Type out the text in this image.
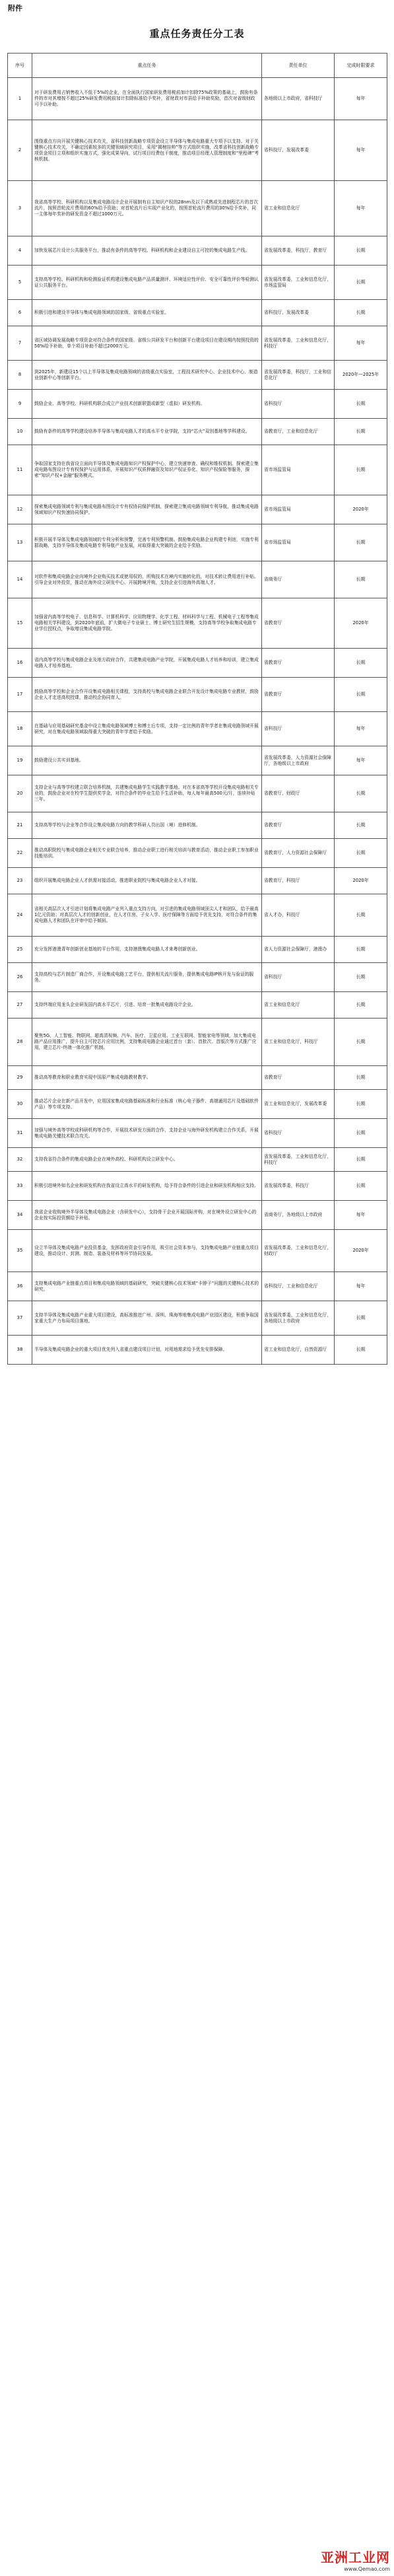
附件
重点任务责任分工表
序号	重点任务	责任单位	完成时限要求
1	对于研发费用占销售收入不低于5%的企业，在全面执行国家研发费用税前加计扣除75%政策的基础上，鼓励有条件的市对其增按不超过25%研发费用税前加计扣除标准给予奖补，省财政对市县给予补助奖励，首次对省级财政可予以补助。	各地级以上市政府，省科技厅	每年
2	围绕重点方向开展关键核心技术攻关，省科技创新战略专项资金设立半导体与集成电路重大专项予以支持。对于关键核心技术攻关，不确定因素较多的关键领域研究项目，采用“揭榜挂帅”等方式组织实施，改革省科技创新战略专项资金项目立项和组织实施方式，强化成果导向，试行项目经费包干制度，推动项目经理人管理制度和“里程碑”考核机制。	省科技厅，发展改革委	每年
3	我省高等学校、科研机构以及集成电路设计企业开展制有自主知识产权的28nm及以下成熟或先进制程芯片的首次流片，按照首轮流片费用的60%给予资助；对首轮流片后实现产业化的，按照首轮流片费用的30%给予奖补，同一主体每年奖补的研发资金不超过1000万元。	省工业和信息化厅	每年
4	加快发展芯片设计公共服务平台，推动有条件的高等学校、科研机构和企业建设自主可控的集成电路生产线。	省发展改革委，科技厅，教育厅	长期
5	支持高等学校、科研机构和检测验证机构建设集成电路产品质量测评、环境适应性评价、安全可靠性评价等检测认证公共服务平台。	省发展改革委，工业和信息化厅，市场监管局	长期
6	积极引进和建设半导体与集成电路领域的国家级、省级重点实验室。	省科技厅，发展改革委	长期
7	省区域协调发展战略专项资金对符合条件的国家级、省级公共研发平台和创新平台建设项目在建设期内按照投资的50%给予补助，单个项目补助不超过2000万元。	省发展改革委，工业和信息化厅，科技厅	每年
8	到2025年，新建设15个以上半导体及集成电路领域的省级重点实验室，工程技术研究中心、企业技术中心、制造业创新中心等创新平台。	省发展改革委，科技厅，工业和信息化厅	2020年—2025年
9	鼓励企业、高等学校、科研机构联合成立产业技术创新联盟或新型（虚拟）研发机构。	省科技厅	长期
10	鼓励有条件的高等学校建设培养半导体与集成电路人才的高水平专业学院，支持“芯火”双创基地等学科建设。	省教育厅，工业和信息化厅	长期
11	争取国家支持在我省设立面向半导体及集成电路知识产权保护中心，建立快速审查、确权和维权机制。探索建立集成电路布图设计专有权保护与运用体系，开展知识产权质押融资及知识产权证券化、知识产权保险等服务，探索“知识产权+金融”服务模式。	省市场监管局	长期
12	探索集成电路领域专利与集成电路布图设计专有权协同保护机制，探索建立集成电路领域专利导航，推动集成电路领域知识产权快速协同保护。	省市场监管局	2020年
13	积极开展半导体及集成电路领域的专利分析和预警，完善专利预警机制。鼓励集成电路企业构建专利池，实施专利群战略，支持半导体及集成电路专利导航产业发展，对取得重大突破的企业给予奖励。	省市场监管局	长期
14	对软件和集成电路企业向境外企业购买技术或使用权的，所购技术在境内实施转化的，对技术转让费用进行补贴。引导企业对外投资，推动在海外设立研发中心、开展跨境并购，支持企业引进海外高端人才。	省商务厅	长期
15	加强省内高等学校电子、信息科学、计算机科学、应用物理学、化学工程、材料科学与工程、机械电子工程等集成电路相关学科建设，到2020年底前，扩大微电子专业硕士、博士研究生招生规模，支持高等学校争取集成电路专业学位授权点，争取增设集成电路学院。	省教育厅	2020年
16	省内高等学校与集成电路企业及地方政府合作，共建集成电路产业学院，开展集成电路人才培养和培训，建立集成电路人才培养基地。	省教育厅	长期
17	鼓励高等学校和企业合作开设集成电路相关课程，支持高校与集成电路企业联合开发设计集成电路专业教材，鼓励企业人才走进高校授课，推动校企协同育人。	省教育厅	长期
18	在基础与应用基础研究基金中设立集成电路领域博士和博士后专项，支持一定比例的青年学者在集成电路领域开展研究，对在集成电路领域取得重大突破的青年学者给予奖励。	省科技厅	每年
19	鼓励建设公共实训基地。	省发展改革委，人力资源社会保障厅，各地级以上市政府	每年
20	支持企业与高等学校建立联合培养机制，共建集成电路学生实践教学基地。对在本省高等学校开设集成电路相关专业的，鼓励企业对在校学生提供奖学金，对符合条件的毕业生给予生活补助，每人每年最高500元/月，连续补贴三年。	省教育厅，财政厅	长期
21	支持高等学校与企业等合作设立集成电路方向的教学科研人员出国（境）进修机制。	省教育厅	长期
22	推动高职院校与集成电路企业相关专业联合培养，推动企业职工进行相关培训与教育活动，推动企业职工参加职业技能培训。	省教育厅，人力资源社会保障厅	长期
23	组织开展集成电路企业人才供需对接活动，推进职业院校与集成电路企业人才对接。	省教育厅，科技厅	2020年
24	省相关高层次人才引进计划将集成电路产业列入重点支持方向，对引进的集成电路领域顶尖人才和团队，给予最高1亿元资助；对高层次人才的创新创业，在人才住房、子女入学、医疗保障等方面给予优先支持，对符合条件的集成电路人才和团队在评审中给予倾斜。	省人才办，科技厅	长期
25	充分发挥港澳青年创新创业基地的平台作用，支持港澳集成电路人才来粤创新创业。	省人力资源社会保障厅，港澳办	长期
26	支持高校与芯片制造厂商合作，开设集成电路工艺平台，提供相关流片服务，提供集成电路IP核开发与验证的服务。	省科技厅	长期
27	支持终端应用龙头企业研发国内高水平芯片，引进、培育一批集成电路设计企业。	省工业和信息化厅	长期
28	聚焦5G、人工智能、物联网、超高清视频、汽车、医疗、卫星应用、工业互联网、智能家电等领域，加大集成电路产品应用推广，提升自主可控芯片应用比例，支持集成电路企业通过首台（套）、首批次、首版次等方式推广应用，建立芯片-终端一体化推广机制。	省工业和信息化厅，科技厅	长期
29	推动高等教育和职业教育实现中国原产集成电路教材教学。	省教育厅	长期
30	推动芯片企业在新产品开发中，应用国家集成电路基础标准和行业标准（核心电子器件、高端通用芯片及基础软件产品）等专项支持。	省工业和信息化厅，发展改革委	长期
31	加强与境外高等学校或科研机构等合作，开展技术研发方面的合作，支持企业与海外研发机构建立合作关系，开展集成电路关键技术联合攻关。	省科技厅	长期
32	支持我省符合条件的集成电路企业在境外高校、科研机构设立研发中心。	省发展改革委，工业和信息化厅，科技厅	长期
33	积极引进境外知名企业和研发机构在我省设立高水平的研发机构，给予符合条件的引进企业和研发机构相应支持。	省发展改革委，科技厅	长期
34	我省企业收购境外半导体及集成电路企业（含研发中心），支持骨干企业开展国际并购，对在境外设立研发中心的企业按实际投资额给予补贴。	省商务厅，各地级以上市政府	每年
35	设立半导体及集成电路产业投资基金，发挥政府资金引导作用，吸引社会资本参与，支持集成电路产业链重点项目建设，推动设计、封测、制造、装备及材料等环节协同发展。	省发展改革委，工业和信息化厅，财政厅	2020年
36	支持集成电路产业链重点项目和集成电路领域的基础研究，突破关键核心技术领域“卡脖子”问题的关键核心技术的研究。	省科技厅，工业和信息化厅	每年
37	支持半导体及集成电路产业重大项目建设，高标准推进广州、深圳、珠海等地集成电路产业园区建设，积极争取国家重大生产力布局项目落地。	省发展改革委，工业和信息化厅，各地级以上市政府	长期
38	半导体及集成电路企业的重大项目优先列入省重点建设项目计划，对用地需求给予优先安排保障。	省工业和信息化厅，自然资源厅	长期
亚洲工业网
www.Qemao.com
